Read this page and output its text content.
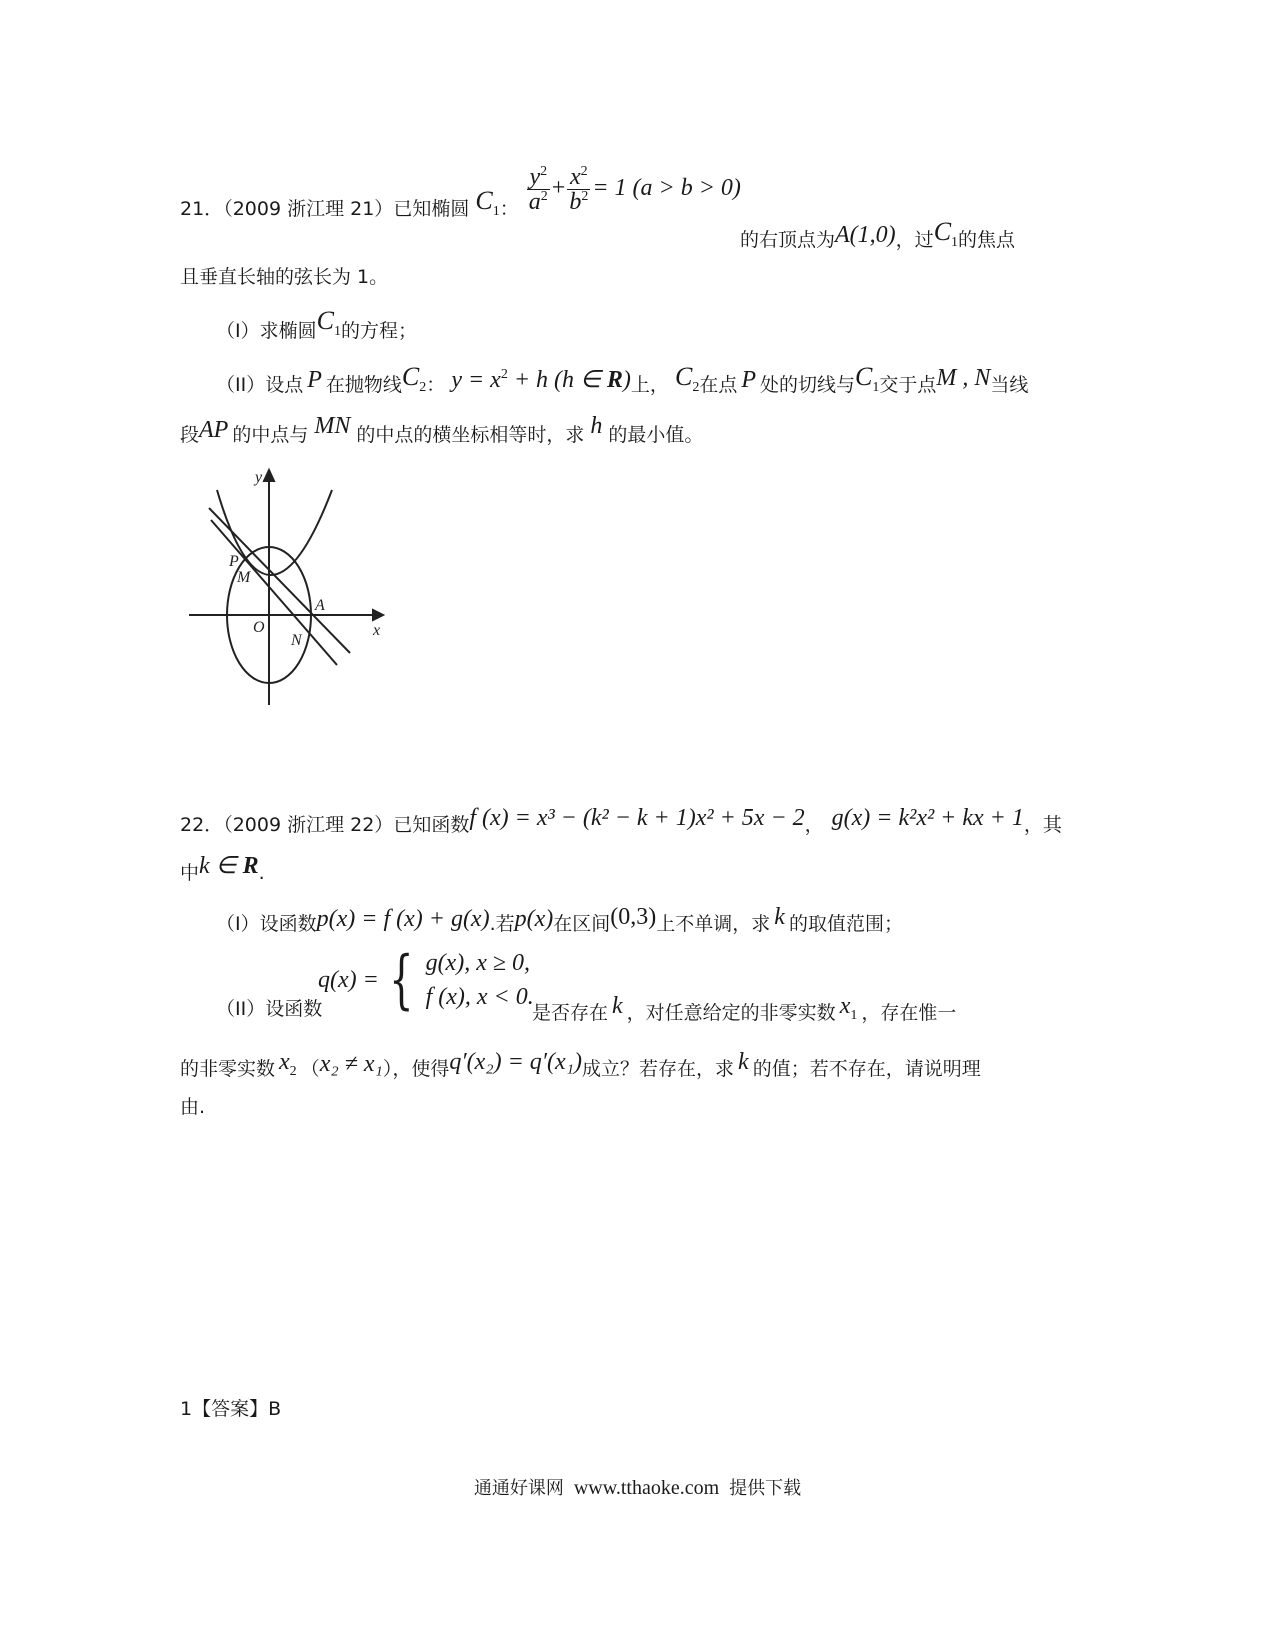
21．（2009 浙江理 21）已知椭圆 $C_1$： $\frac{y^2}{a^2} + \frac{x^2}{b^2} = 1$ (a > b > 0)
的右顶点为A(1,0)，过$C_1$的焦点
且垂直长轴的弦长为 1。
（I）求椭圆$C_1$的方程；
（II）设点 P 在抛物线$C_2$： $y = x^2 + h$ (h ∈ R)上， $C_2$在点 P 处的切线与$C_1$交于点M , N当线
段AP 的中点与 MN 的中点的横坐标相等时，求 h 的最小值。
y
x
O
P
M
A
N
22．（2009 浙江理 22）已知函数f (x) = x³ − (k² − k + 1)x² + 5x − 2， g(x) = k²x² + kx + 1，其
中k ∈ R.
（I）设函数p(x) = f (x) + g(x).若p(x)在区间(0,3)上不单调，求 k 的取值范围；
（II）设函数
q(x) = { g(x), x ≥ 0,
f (x), x < 0.
是否存在 k ，对任意给定的非零实数 $x_1$ ，存在惟一
的非零实数 $x_2$ （x₂ ≠ x₁），使得q′(x₂) = q′(x₁)成立？若存在，求 k 的值；若不存在，请说明理
由.
1【答案】B
通通好课网 www.tthaoke.com 提供下载
